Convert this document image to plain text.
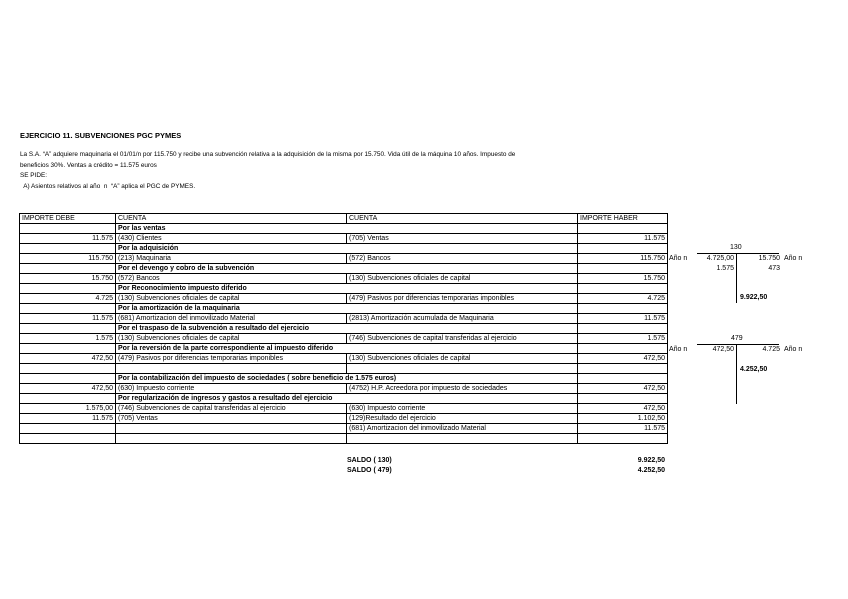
EJERCICIO 11. SUBVENCIONES PGC PYMES
La S.A. “A” adquiere maquinaria el 01/01/n por 115.750 y recibe una subvención relativa a la adquisición de la misma por 15.750. Vida útil de la máquina 10 años. Impuesto de
beneficios 30%. Ventas a crédito = 11.575 euros
SE PIDE:
A) Asientos relativos al año  n  “A” aplica el PGC de PYMES.
IMPORTE DEBE	CUENTA	CUENTA	IMPORTE HABER
	Por las ventas		
11.575	(430) Clientes	(705) Ventas	11.575
	Por la adquisición		
115.750	(213) Maquinaria	(572) Bancos	115.750
	Por el devengo y cobro de la subvención		
15.750	(572) Bancos	(130) Subvenciones oficiales de capital	15.750
	Por Reconocimiento impuesto diferido		
4.725	(130) Subvenciones oficiales de capital	(479) Pasivos por diferencias temporarias imponibles	4.725
	Por la amortización de la maquinaria		
11.575	(681) Amortizacion del inmovilizado Material	(2813) Amortización acumulada de Maquinaria	11.575
	Por el traspaso de la subvención a resultado del ejercicio		
1.575	(130) Subvenciones oficiales de capital	(746) Subvenciones de capital transferidas al ejercicio	1.575
	Por la reversión de la parte correspondiente al impuesto diferido		
472,50	(479) Pasivos por diferencias temporarias imponibles	(130) Subvenciones oficiales de capital	472,50

	Por la contabilización del impuesto de sociedades ( sobre beneficio de 1.575 euros)		
472,50	(630) Impuesto corriente	(4752) H.P. Acreedora por impuesto de sociedades	472,50
	Por regularización de ingresos y gastos a resultado del ejercicio		
1.575,00	(746) Subvenciones de capital transferidas al ejercicio	(630) Impuesto corriente	472,50
11.575	(705) Ventas	(129)Resultado del ejercicio	1.102,50
		(681) Amortizacion del inmovilizado Material	11.575

SALDO ( 130)	9.922,50
SALDO ( 479)	4.252,50
130
Año n	4.725,00	15.750 Año n
1.575	473
9.922,50
479
Año n	472,50	4.725 Año n
4.252,50
